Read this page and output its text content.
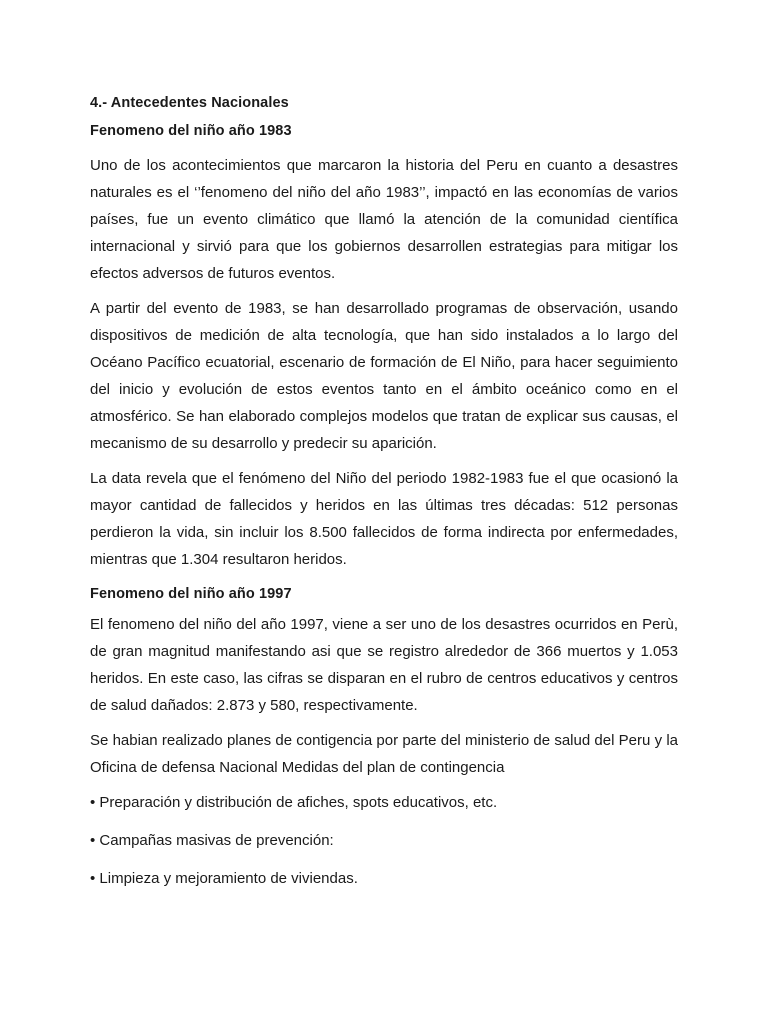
4.- Antecedentes Nacionales
Fenomeno del niño año 1983

Uno de los acontecimientos que marcaron la historia del Peru en cuanto a desastres naturales es el ‘’fenomeno del niño del año 1983’’, impactó en las economías de varios países, fue un evento climático que llamó la atención de la comunidad científica internacional y sirvió para que los gobiernos desarrollen estrategias para mitigar los efectos adversos de futuros eventos.

A partir del evento de 1983, se han desarrollado programas de observación, usando dispositivos de medición de alta tecnología, que han sido instalados a lo largo del Océano Pacífico ecuatorial, escenario de formación de El Niño, para hacer seguimiento del inicio y evolución de estos eventos tanto en el ámbito oceánico como en el atmosférico. Se han elaborado complejos modelos que tratan de explicar sus causas, el mecanismo de su desarrollo y predecir su aparición.

La data revela que el fenómeno del Niño del periodo 1982-1983 fue el que ocasionó la mayor cantidad de fallecidos y heridos en las últimas tres décadas: 512 personas perdieron la vida, sin incluir los 8.500 fallecidos de forma indirecta por enfermedades, mientras que 1.304 resultaron heridos.

Fenomeno del niño año 1997

El fenomeno del niño del año 1997, viene a ser uno de los desastres ocurridos en Perù, de gran magnitud manifestando asi que se registro alrededor de 366 muertos y 1.053 heridos. En este caso, las cifras se disparan en el rubro de centros educativos y centros de salud dañados: 2.873 y 580, respectivamente.

Se habian realizado planes de contigencia por parte del ministerio de salud del Peru y la Oficina de defensa Nacional Medidas del plan de contingencia

• Preparación y distribución de afiches, spots educativos, etc.
• Campañas masivas de prevención:
• Limpieza y mejoramiento de viviendas.
